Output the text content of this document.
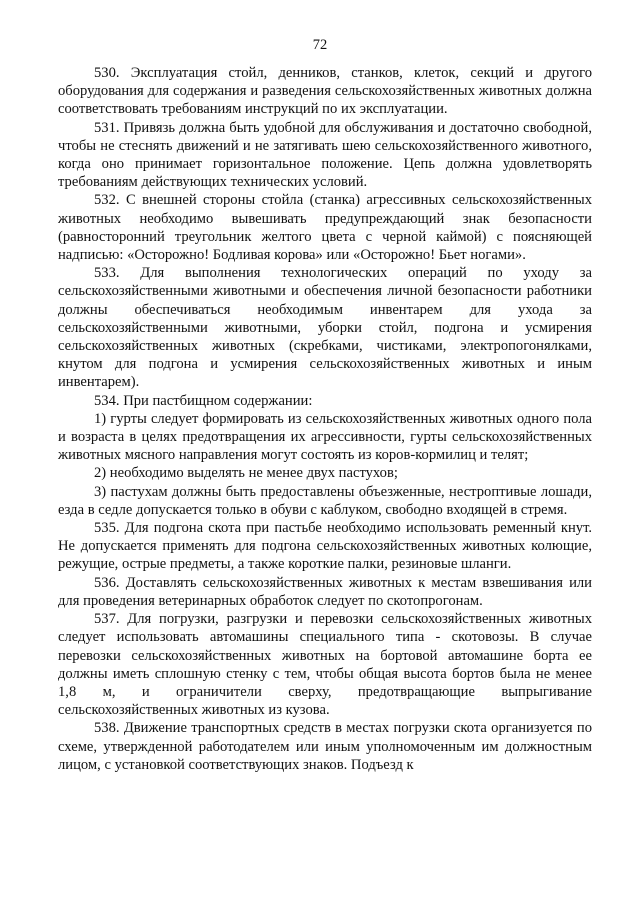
72

530. Эксплуатация стойл, денников, станков, клеток, секций и другого оборудования для содержания и разведения сельскохозяйственных животных должна соответствовать требованиям инструкций по их эксплуатации.

531. Привязь должна быть удобной для обслуживания и достаточно свободной, чтобы не стеснять движений и не затягивать шею сельскохозяйственного животного, когда оно принимает горизонтальное положение. Цепь должна удовлетворять требованиям действующих технических условий.

532. С внешней стороны стойла (станка) агрессивных сельскохозяйственных животных необходимо вывешивать предупреждающий знак безопасности (равносторонний треугольник желтого цвета с черной каймой) с поясняющей надписью: «Осторожно! Бодливая корова» или «Осторожно! Бьет ногами».

533. Для выполнения технологических операций по уходу за сельскохозяйственными животными и обеспечения личной безопасности работники должны обеспечиваться необходимым инвентарем для ухода за сельскохозяйственными животными, уборки стойл, подгона и усмирения сельскохозяйственных животных (скребками, чистиками, электропогонялками, кнутом для подгона и усмирения сельскохозяйственных животных и иным инвентарем).

534. При пастбищном содержании:

1) гурты следует формировать из сельскохозяйственных животных одного пола и возраста в целях предотвращения их агрессивности, гурты сельскохозяйственных животных мясного направления могут состоять из коров-кормилиц и телят;

2) необходимо выделять не менее двух пастухов;

3) пастухам должны быть предоставлены объезженные, нестроптивые лошади, езда в седле допускается только в обуви с каблуком, свободно входящей в стремя.

535. Для подгона скота при пастьбе необходимо использовать ременный кнут. Не допускается применять для подгона сельскохозяйственных животных колющие, режущие, острые предметы, а также короткие палки, резиновые шланги.

536. Доставлять сельскохозяйственных животных к местам взвешивания или для проведения ветеринарных обработок следует по скотопрогонам.

537. Для погрузки, разгрузки и перевозки сельскохозяйственных животных следует использовать автомашины специального типа - скотовозы. В случае перевозки сельскохозяйственных животных на бортовой автомашине борта ее должны иметь сплошную стенку с тем, чтобы общая высота бортов была не менее 1,8 м, и ограничители сверху, предотвращающие выпрыгивание сельскохозяйственных животных из кузова.

538. Движение транспортных средств в местах погрузки скота организуется по схеме, утвержденной работодателем или иным уполномоченным им должностным лицом, с установкой соответствующих знаков. Подъезд к
